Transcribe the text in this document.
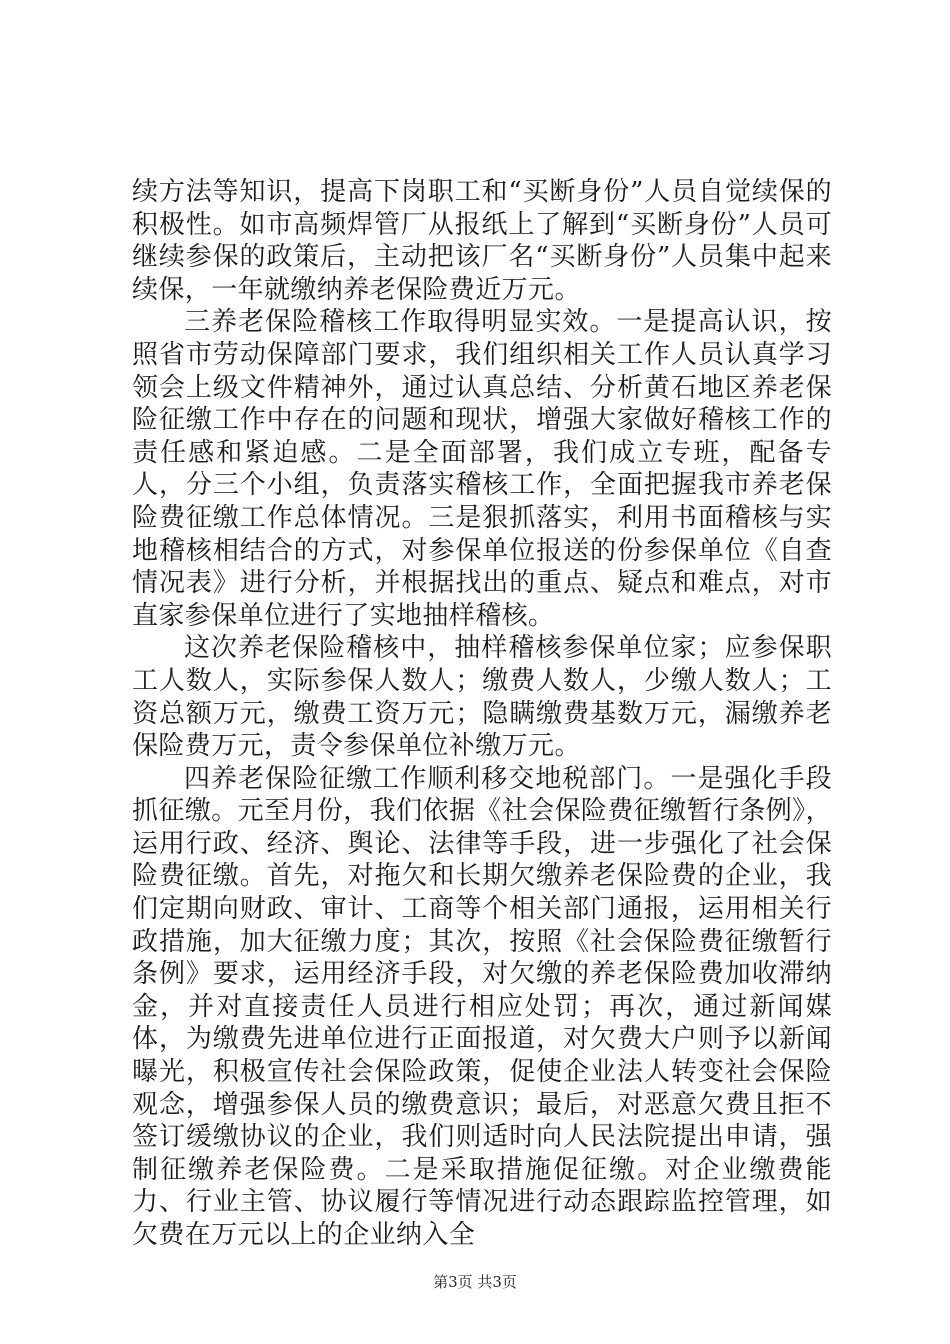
续方法等知识，提高下岗职工和“买断身份”人员自觉续保的积极性。如市高频焊管厂从报纸上了解到“买断身份”人员可继续参保的政策后，主动把该厂名“买断身份”人员集中起来续保，一年就缴纳养老保险费近万元。

三养老保险稽核工作取得明显实效。一是提高认识，按照省市劳动保障部门要求，我们组织相关工作人员认真学习领会上级文件精神外，通过认真总结、分析黄石地区养老保险征缴工作中存在的问题和现状，增强大家做好稽核工作的责任感和紧迫感。二是全面部署，我们成立专班，配备专人，分三个小组，负责落实稽核工作，全面把握我市养老保险费征缴工作总体情况。三是狠抓落实，利用书面稽核与实地稽核相结合的方式，对参保单位报送的份参保单位《自查情况表》进行分析，并根据找出的重点、疑点和难点，对市直家参保单位进行了实地抽样稽核。

这次养老保险稽核中，抽样稽核参保单位家；应参保职工人数人，实际参保人数人；缴费人数人，少缴人数人；工资总额万元，缴费工资万元；隐瞒缴费基数万元，漏缴养老保险费万元，责令参保单位补缴万元。

四养老保险征缴工作顺利移交地税部门。一是强化手段抓征缴。元至月份，我们依据《社会保险费征缴暂行条例》，运用行政、经济、舆论、法律等手段，进一步强化了社会保险费征缴。首先，对拖欠和长期欠缴养老保险费的企业，我们定期向财政、审计、工商等个相关部门通报，运用相关行政措施，加大征缴力度；其次，按照《社会保险费征缴暂行条例》要求，运用经济手段，对欠缴的养老保险费加收滞纳金，并对直接责任人员进行相应处罚；再次，通过新闻媒体，为缴费先进单位进行正面报道，对欠费大户则予以新闻曝光，积极宣传社会保险政策，促使企业法人转变社会保险观念，增强参保人员的缴费意识；最后，对恶意欠费且拒不签订缓缴协议的企业，我们则适时向人民法院提出申请，强制征缴养老保险费。二是采取措施促征缴。对企业缴费能力、行业主管、协议履行等情况进行动态跟踪监控管理，如欠费在万元以上的企业纳入全

第3页 共3页
